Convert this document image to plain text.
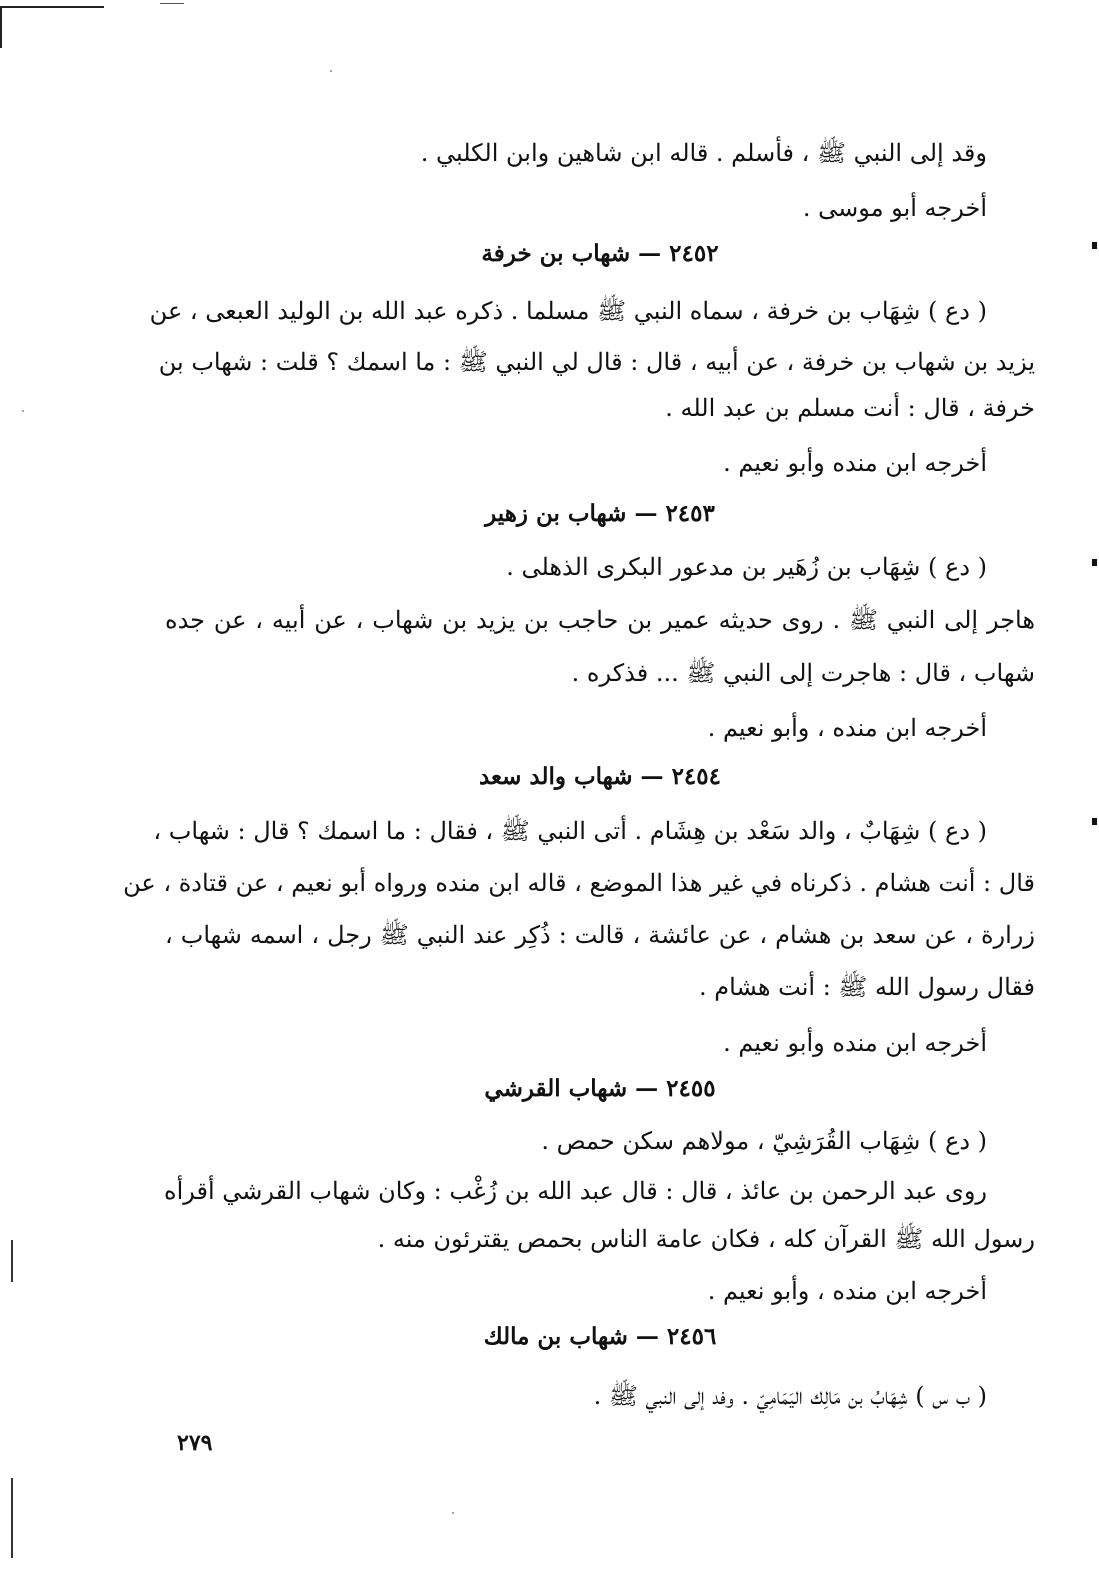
وقد إلى النبي ﷺ ، فأسلم . قاله ابن شاهين وابن الكلبي .
أخرجه أبو موسى .
٢٤٥٢ — شهاب بن خرفة
( دع ) شِهَاب بن خرفة ، سماه النبي ﷺ مسلما . ذكره عبد الله بن الوليد العبعى ، عن
يزيد بن شهاب بن خرفة ، عن أبيه ، قال : قال لي النبي ﷺ : ما اسمك ؟ قلت : شهاب بن
خرفة ، قال : أنت مسلم بن عبد الله .
أخرجه ابن منده وأبو نعيم .
٢٤٥٣ — شهاب بن زهير
( دع ) شِهَاب بن زُهَير بن مدعور البكرى الذهلى .
هاجر إلى النبي ﷺ . روى حديثه عمير بن حاجب بن يزيد بن شهاب ، عن أبيه ، عن جده
شهاب ، قال : هاجرت إلى النبي ﷺ ... فذكره .
أخرجه ابن منده ، وأبو نعيم .
٢٤٥٤ — شهاب والد سعد
( دع ) شِهَابٌ ، والد سَعْد بن هِشَام . أتى النبي ﷺ ، فقال : ما اسمك ؟ قال : شهاب ،
قال : أنت هشام . ذكرناه في غير هذا الموضع ، قاله ابن منده ورواه أبو نعيم ، عن قتادة ، عن
زرارة ، عن سعد بن هشام ، عن عائشة ، قالت : ذُكِر عند النبي ﷺ رجل ، اسمه شهاب ،
فقال رسول الله ﷺ : أنت هشام .
أخرجه ابن منده وأبو نعيم .
٢٤٥٥ — شهاب القرشي
( دع ) شِهَاب القُرَشِيّ ، مولاهم سكن حمص .
روى عبد الرحمن بن عائذ ، قال : قال عبد الله بن زُغْب : وكان شهاب القرشي أقرأه
رسول الله ﷺ القرآن كله ، فكان عامة الناس بحمص يقترئون منه .
أخرجه ابن منده ، وأبو نعيم .
٢٤٥٦ — شهاب بن مالك
( ب س ) شِهَابُ بن مَالِك اليَمَامِيّ . وفد إلى النبي ﷺ .
٢٧٩
